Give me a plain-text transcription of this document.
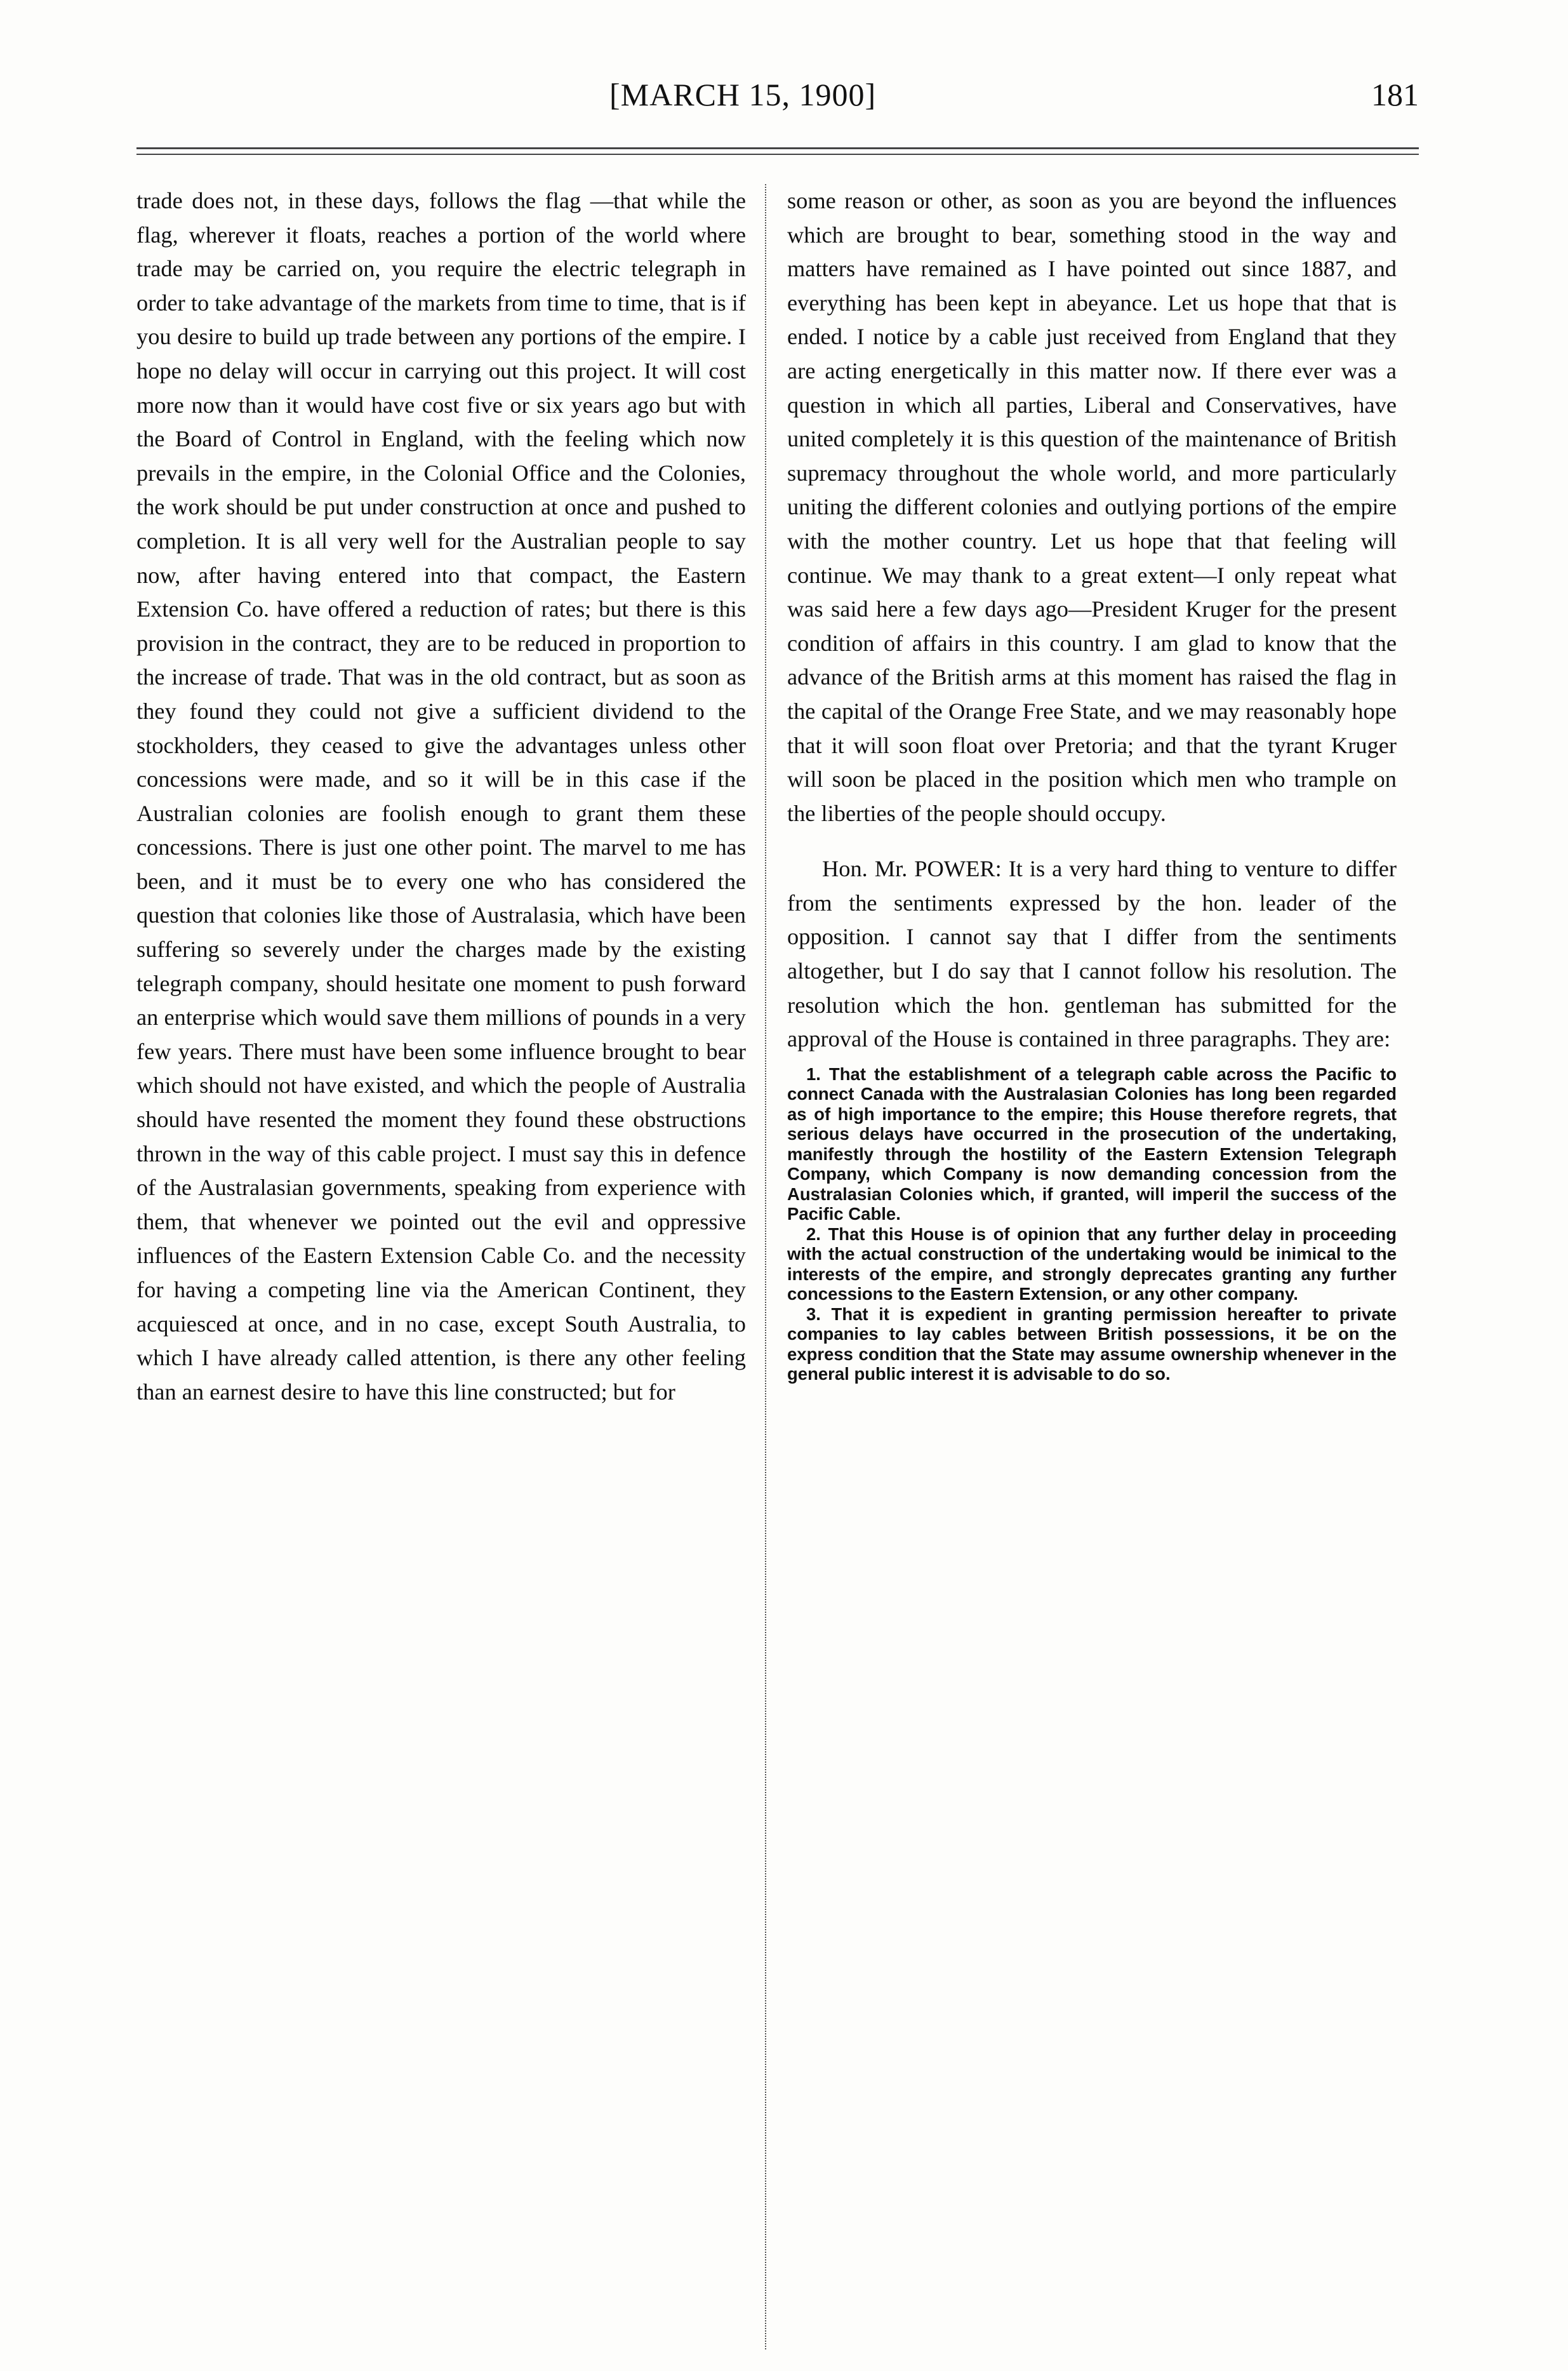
[MARCH 15, 1900]	181

trade does not, in these days, follows the flag —that while the flag, wherever it floats, reaches a portion of the world where trade may be carried on, you require the electric telegraph in order to take advantage of the markets from time to time, that is if you desire to build up trade between any portions of the empire. I hope no delay will occur in carrying out this project. It will cost more now than it would have cost five or six years ago but with the Board of Control in England, with the feeling which now prevails in the empire, in the Colonial Office and the Colonies, the work should be put under construction at once and pushed to completion. It is all very well for the Australian people to say now, after having entered into that compact, the Eastern Extension Co. have offered a reduction of rates; but there is this provision in the contract, they are to be reduced in proportion to the increase of trade. That was in the old contract, but as soon as they found they could not give a sufficient dividend to the stockholders, they ceased to give the advantages unless other concessions were made, and so it will be in this case if the Australian colonies are foolish enough to grant them these concessions. There is just one other point. The marvel to me has been, and it must be to every one who has considered the question that colonies like those of Australasia, which have been suffering so severely under the charges made by the existing telegraph company, should hesitate one moment to push forward an enterprise which would save them millions of pounds in a very few years. There must have been some influence brought to bear which should not have existed, and which the people of Australia should have resented the moment they found these obstructions thrown in the way of this cable project. I must say this in defence of the Australasian governments, speaking from experience with them, that whenever we pointed out the evil and oppressive influences of the Eastern Extension Cable Co. and the necessity for having a competing line via the American Continent, they acquiesced at once, and in no case, except South Australia, to which I have already called attention, is there any other feeling than an earnest desire to have this line constructed; but for

some reason or other, as soon as you are beyond the influences which are brought to bear, something stood in the way and matters have remained as I have pointed out since 1887, and everything has been kept in abeyance. Let us hope that that is ended. I notice by a cable just received from England that they are acting energetically in this matter now. If there ever was a question in which all parties, Liberal and Conservatives, have united completely it is this question of the maintenance of British supremacy throughout the whole world, and more particularly uniting the different colonies and outlying portions of the empire with the mother country. Let us hope that that feeling will continue. We may thank to a great extent—I only repeat what was said here a few days ago—President Kruger for the present condition of affairs in this country. I am glad to know that the advance of the British arms at this moment has raised the flag in the capital of the Orange Free State, and we may reasonably hope that it will soon float over Pretoria; and that the tyrant Kruger will soon be placed in the position which men who trample on the liberties of the people should occupy.

Hon. Mr. POWER: It is a very hard thing to venture to differ from the sentiments expressed by the hon. leader of the opposition. I cannot say that I differ from the sentiments altogether, but I do say that I cannot follow his resolution. The resolution which the hon. gentleman has submitted for the approval of the House is contained in three paragraphs. They are:

1. That the establishment of a telegraph cable across the Pacific to connect Canada with the Australasian Colonies has long been regarded as of high importance to the empire; this House therefore regrets, that serious delays have occurred in the prosecution of the undertaking, manifestly through the hostility of the Eastern Extension Telegraph Company, which Company is now demanding concession from the Australasian Colonies which, if granted, will imperil the success of the Pacific Cable.

2. That this House is of opinion that any further delay in proceeding with the actual construction of the undertaking would be inimical to the interests of the empire, and strongly deprecates granting any further concessions to the Eastern Extension, or any other company.

3. That it is expedient in granting permission hereafter to private companies to lay cables between British possessions, it be on the express condition that the State may assume ownership whenever in the general public interest it is advisable to do so.
